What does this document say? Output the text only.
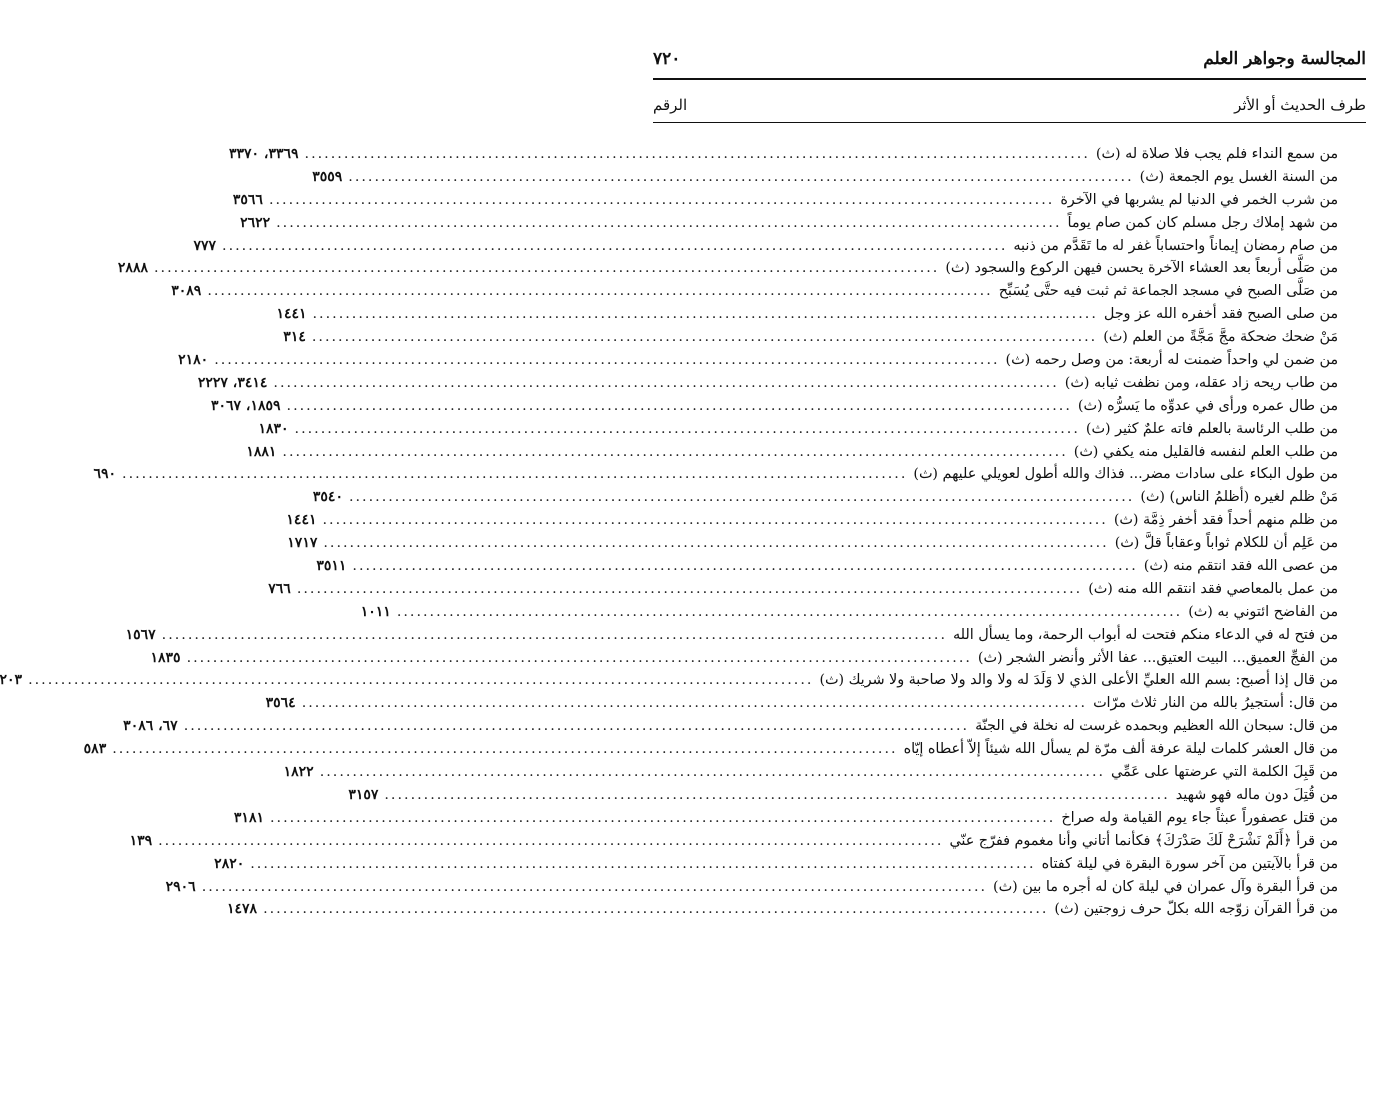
المجالسة وجواهر العلم
٧٢٠
طرف الحديث أو الأثر
الرقم
من سمع النداء فلم يجب فلا صلاة له (ث)
........................................................................................................................
٣٣٦٩، ٣٣٧٠
من السنة الغسل يوم الجمعة (ث)
........................................................................................................................
٣٥٥٩
من شرب الخمر في الدنيا لم يشربها في الآخرة
........................................................................................................................
٣٥٦٦
من شهد إملاك رجل مسلم كان كمن صام يوماً
........................................................................................................................
٢٦٢٢
من صام رمضان إيماناً واحتساباً غفر له ما تَقَدَّم من ذنبه
........................................................................................................................
٧٧٧
من صَلَّى أربعاً بعد العشاء الآخرة يحسن فيهن الركوع والسجود (ث)
........................................................................................................................
٢٨٨٨
من صَلَّى الصبح في مسجد الجماعة ثم ثبت فيه حتَّى يُسَبِّح
........................................................................................................................
٣٠٨٩
من صلى الصبح فقد أخفره الله عز وجل
........................................................................................................................
١٤٤١
مَنْ ضحك ضحكة مجَّ مَجَّةً من العلم (ث)
........................................................................................................................
٣١٤
من ضمن لي واحداً ضمنت له أربعة: من وصل رحمه (ث)
........................................................................................................................
٢١٨٠
من طاب ريحه زاد عقله، ومن نظفت ثيابه (ث)
........................................................................................................................
٣٤١٤، ٢٢٢٧
من طال عمره ورأى في عدوِّه ما يَسرُّه (ث)
........................................................................................................................
١٨٥٩، ٣٠٦٧
من طلب الرئاسة بالعلم فاته علمٌ كثير (ث)
........................................................................................................................
١٨٣٠
من طلب العلم لنفسه فالقليل منه يكفي (ث)
........................................................................................................................
١٨٨١
من طول البكاء على سادات مضر... فذاك والله أطول لعويلي عليهم (ث)
........................................................................................................................
٦٩٠
مَنْ ظلم لغيره (أظلمُ الناس) (ث)
........................................................................................................................
٣٥٤٠
من ظلم منهم أحداً فقد أخفر ذِمَّة (ث)
........................................................................................................................
١٤٤١
من عَلِم أن للكلام ثواباً وعقاباً قلَّ (ث)
........................................................................................................................
١٧١٧
من عصى الله فقد انتقم منه (ث)
........................................................................................................................
٣٥١١
من عمل بالمعاصي فقد انتقم الله منه (ث)
........................................................................................................................
٧٦٦
من الفاضح ائتوني به (ث)
........................................................................................................................
١٠١١
من فتح له في الدعاء منكم فتحت له أبواب الرحمة، وما يسأل الله
........................................................................................................................
١٥٦٧
من الفجِّ العميق... البيت العتيق... عفا الأثر وأنضر الشجر (ث)
........................................................................................................................
١٨٣٥
من قال إذا أصبح: بسم الله العليِّ الأعلى الذي لا وَلَدَ له ولا والد ولا صاحبة ولا شريك (ث)
........................................................................................................................
٢٠٣
من قال: أستجيرُ بالله من النار ثلاث مرّات
........................................................................................................................
٣٥٦٤
من قال: سبحان الله العظيم وبحمده غرست له نخلة في الجنّة
........................................................................................................................
٦٧، ٣٠٨٦
من قال العشر كلمات ليلة عرفة ألف مرّة لم يسأل الله شيئاً إلاّ أعطاه إيّاه
........................................................................................................................
٥٨٣
من قَبِلَ الكلمة التي عرضتها على عَمِّي
........................................................................................................................
١٨٢٢
من قُتِلَ دون ماله فهو شهيد
........................................................................................................................
٣١٥٧
من قتل عصفوراً عبثاً جاء يوم القيامة وله صراخ
........................................................................................................................
٣١٨١
من قرأ ﴿أَلَمْ نَشْرَحْ لَكَ صَدْرَكَ﴾ فكأنما أتاني وأنا مغموم ففرّج عنّي
........................................................................................................................
١٣٩
من قرأ بالآيتين من آخر سورة البقرة في ليلة كفتاه
........................................................................................................................
٢٨٢٠
من قرأ البقرة وآل عمران في ليلة كان له أجره ما بين (ث)
........................................................................................................................
٢٩٠٦
من قرأ القرآن زوّجه الله بكلّ حرف زوجتين (ث)
........................................................................................................................
١٤٧٨
